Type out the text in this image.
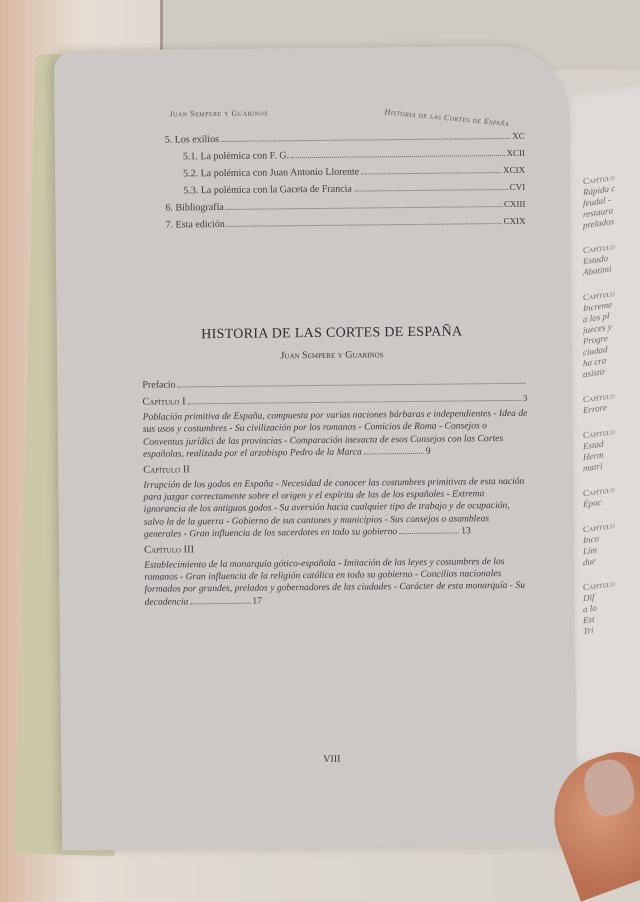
Capítulo
Rápida c
feudal -
restaura
prelados
Capítulo
Estado
Abatimi
Capítulo
Increme
a los pl
jueces y
Progre
ciudad
ha cra
asistir
Capítulo
Errore
Capítulo
Estad
Herm
matri
Capítulo
Époc
Capítulo
Inco
Lim
dur
Capítulo
Dif
a lo
Est
Tri
Juan Sempere y Guarinos	Historia de las Cortes de España
5. Los exilios	XC
5.1. La polémica con F. G.	XCII
5.2. La polémica con Juan Antonio Llorente	XCIX
5.3. La polémica con la Gaceta de Francia	CVI
6. Bibliografía	CXIII
7. Esta edición	CXIX
HISTORIA DE LAS CORTES DE ESPAÑA
Juan Sempere y Guarinos
Prefacio
Capítulo I	3
Población primitiva de España, compuesta por varias naciones bárbaras e independientes - Idea de sus usos y costumbres - Su civilización por los romanos - Comicios de Roma - Consejos o Conventus jurídici de las provincias - Comparación inexacta de esos Consejos con las Cortes españolas, realizada por el arzobispo Pedro de la Marca	9
Capítulo II
Irrupción de los godos en España - Necesidad de conocer las costumbres primitivas de esta nación para juzgar correctamente sobre el origen y el espíritu de las de los españoles - Extrema ignorancia de los antiguos godos - Su aversión hacia cualquier tipo de trabajo y de ocupación, salvo la de la guerra - Gobierno de sus cantones y municipios - Sus consejos o asambleas generales - Gran influencia de los sacerdotes en todo su gobierno	13
Capítulo III
Establecimiento de la monarquía gótico-española - Imitación de las leyes y costumbres de los romanos - Gran influencia de la religión católica en todo su gobierno - Concilios nacionales formados por grandes, prelados y gobernadores de las ciudades - Carácter de esta monarquía - Su decadencia	17
VIII
